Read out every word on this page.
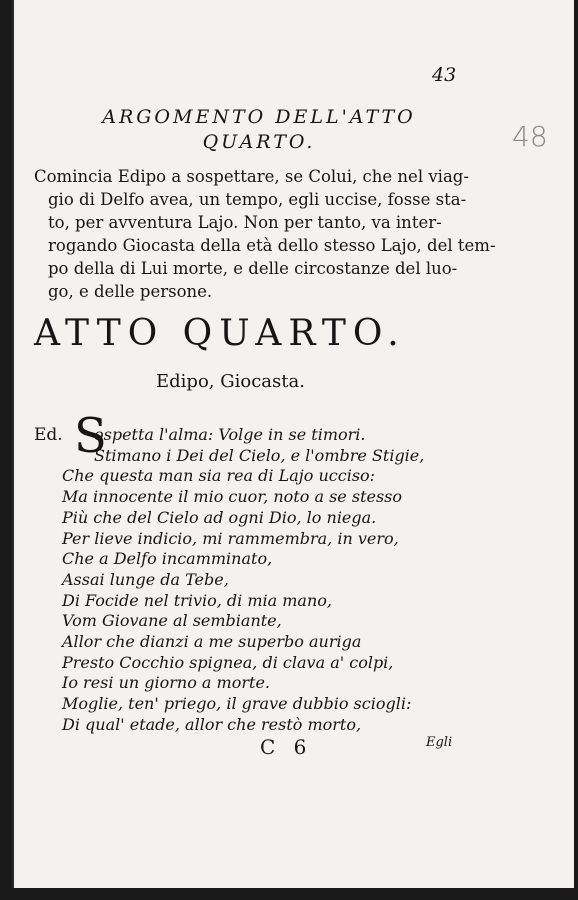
43
48
ARGOMENTO DELL'ATTO
QUARTO.
Comincia Edipo a sospettare, se Colui, che nel viag-
gio di Delfo avea, un tempo, egli uccise, fosse sta-
to, per avventura Lajo. Non per tanto, va inter-
rogando Giocasta della età dello stesso Lajo, del tem-
po della di Lui morte, e delle circostanze del luo-
go, e delle persone.
ATTO QUARTO.
Edipo, Giocasta.
Ed. S
ospetta l'alma: Volge in se timori.
Stimano i Dei del Cielo, e l'ombre Stigie,
Che questa man sia rea di Lajo ucciso:
Ma innocente il mio cuor, noto a se stesso
Più che del Cielo ad ogni Dio, lo niega.
Per lieve indicio, mi rammembra, in vero,
Che a Delfo incamminato,
Assai lunge da Tebe,
Di Focide nel trivio, di mia mano,
Vom Giovane al sembiante,
Allor che dianzi a me superbo auriga
Presto Cocchio spignea, di clava a' colpi,
Io resi un giorno a morte.
Moglie, ten' priego, il grave dubbio sciogli:
Di qual' etade, allor che restò morto,
C 6	Egli
